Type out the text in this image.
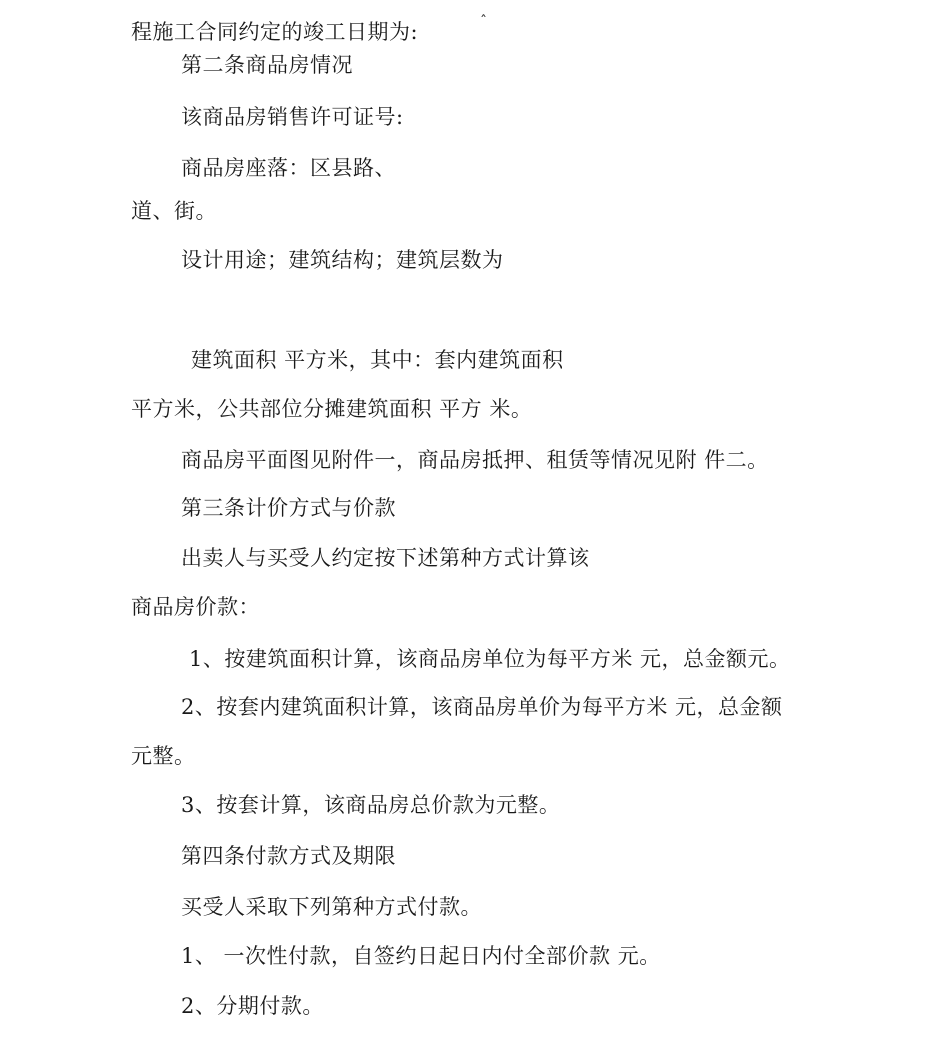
ˆ
程施工合同约定的竣工日期为:
第二条商品房情况
该商品房销售许可证号:
商品房座落：区县路、
道、街。
设计用途；建筑结构；建筑层数为
建筑面积 平方米，其中：套内建筑面积
平方米，公共部位分摊建筑面积 平方 米。
商品房平面图见附件一，商品房抵押、租赁等情况见附 件二。
第三条计价方式与价款
出卖人与买受人约定按下述第种方式计算该
商品房价款：
1、按建筑面积计算，该商品房单位为每平方米 元，总金额元。
2、按套内建筑面积计算，该商品房单价为每平方米 元，总金额
元整。
3、按套计算，该商品房总价款为元整。
第四条付款方式及期限
买受人采取下列第种方式付款。
1、 一次性付款，自签约日起日内付全部价款 元。
2、分期付款。
